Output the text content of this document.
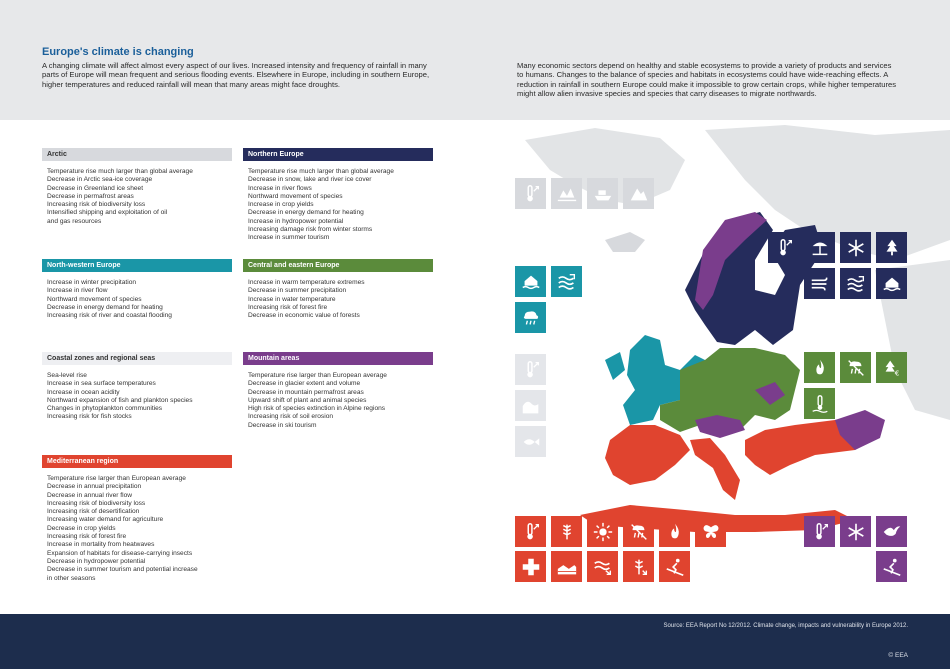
Europe's climate is changing
A changing climate will affect almost every aspect of our lives. Increased intensity and frequency of rainfall in many parts of Europe will mean frequent and serious flooding events. Elsewhere in Europe, including in southern Europe, higher temperatures and reduced rainfall will mean that many areas might face droughts.
Many economic sectors depend on healthy and stable ecosystems to provide a variety of products and services to humans. Changes to the balance of species and habitats in ecosystems could have wide-reaching effects. A reduction in rainfall in southern Europe could make it impossible to grow certain crops, while higher temperatures might allow alien invasive species and species that carry diseases to migrate northwards.
Arctic
Temperature rise much larger than global average
Decrease in Arctic sea-ice coverage
Decrease in Greenland ice sheet
Decrease in permafrost areas
Increasing risk of biodiversity loss
Intensified shipping and exploitation of oil
and gas resources
Northern Europe
Temperature rise much larger than global average
Decrease in snow, lake and river ice cover
Increase in river flows
Northward movement of species
Increase in crop yields
Decrease in energy demand for heating
Increase in hydropower potential
Increasing damage risk from winter storms
Increase in summer tourism
North-western Europe
Increase in winter precipitation
Increase in river flow
Northward movement of species
Decrease in energy demand for heating
Increasing risk of river and coastal flooding
Central and eastern Europe
Increase in warm temperature extremes
Decrease in summer precipitation
Increase in water temperature
Increasing risk of forest fire
Decrease in economic value of forests
Coastal zones and regional seas
Sea-level rise
Increase in sea surface temperatures
Increase in ocean acidity
Northward expansion of fish and plankton species
Changes in phytoplankton communities
Increasing risk for fish stocks
Mountain areas
Temperature rise larger than European average
Decrease in glacier extent and volume
Decrease in mountain permafrost areas
Upward shift of plant and animal species
High risk of species extinction in Alpine regions
Increasing risk of soil erosion
Decrease in ski tourism
Mediterranean region
Temperature rise larger than European average
Decrease in annual precipitation
Decrease in annual river flow
Increasing risk of biodiversity loss
Increasing risk of desertification
Increasing water demand for agriculture
Decrease in crop yields
Increasing risk of forest fire
Increase in mortality from heatwaves
Expansion of habitats for disease-carrying insects
Decrease in hydropower potential
Decrease in summer tourism and potential increase
in other seasons
€
Source: EEA Report No 12/2012. Climate change, impacts and vulnerability in Europe 2012.
© EEA
